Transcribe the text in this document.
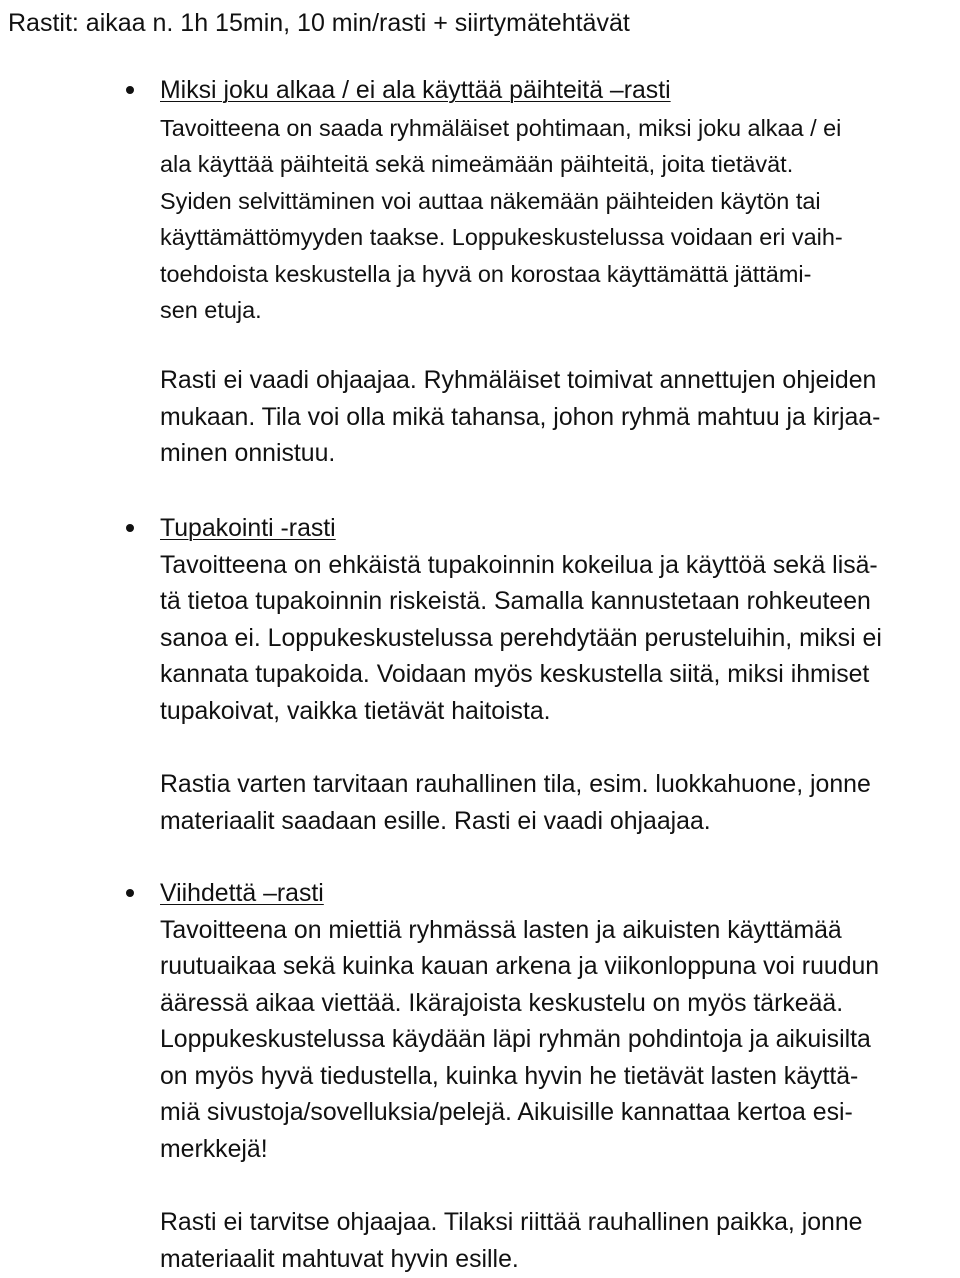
Rastit: aikaa n. 1h 15min, 10 min/rasti + siirtymätehtävät
Miksi joku alkaa / ei ala käyttää päihteitä –rasti

Tavoitteena on saada ryhmäläiset pohtimaan, miksi joku alkaa / ei
ala käyttää päihteitä sekä nimeämään päihteitä, joita tietävät.
Syiden selvittäminen voi auttaa näkemään päihteiden käytön tai
käyttämättömyyden taakse. Loppukeskustelussa voidaan eri vaih-
toehdoista keskustella ja hyvä on korostaa käyttämättä jättämi-
sen etuja.

Rasti ei vaadi ohjaajaa. Ryhmäläiset toimivat annettujen ohjeiden
mukaan. Tila voi olla mikä tahansa, johon ryhmä mahtuu ja kirjaa-
minen onnistuu.

Tupakointi -rasti

Tavoitteena on ehkäistä tupakoinnin kokeilua ja käyttöä sekä lisä-
tä tietoa tupakoinnin riskeistä. Samalla kannustetaan rohkeuteen
sanoa ei. Loppukeskustelussa perehdytään perusteluihin, miksi ei
kannata tupakoida. Voidaan myös keskustella siitä, miksi ihmiset
tupakoivat, vaikka tietävät haitoista.

Rastia varten tarvitaan rauhallinen tila, esim. luokkahuone, jonne
materiaalit saadaan esille. Rasti ei vaadi ohjaajaa.

Viihdettä –rasti

Tavoitteena on miettiä ryhmässä lasten ja aikuisten käyttämää
ruutuaikaa sekä kuinka kauan arkena ja viikonloppuna voi ruudun
ääressä aikaa viettää. Ikärajoista keskustelu on myös tärkeää.
Loppukeskustelussa käydään läpi ryhmän pohdintoja ja aikuisilta
on myös hyvä tiedustella, kuinka hyvin he tietävät lasten käyttä-
miä sivustoja/sovelluksia/pelejä. Aikuisille kannattaa kertoa esi-
merkkejä!

Rasti ei tarvitse ohjaajaa. Tilaksi riittää rauhallinen paikka, jonne
materiaalit mahtuvat hyvin esille.
